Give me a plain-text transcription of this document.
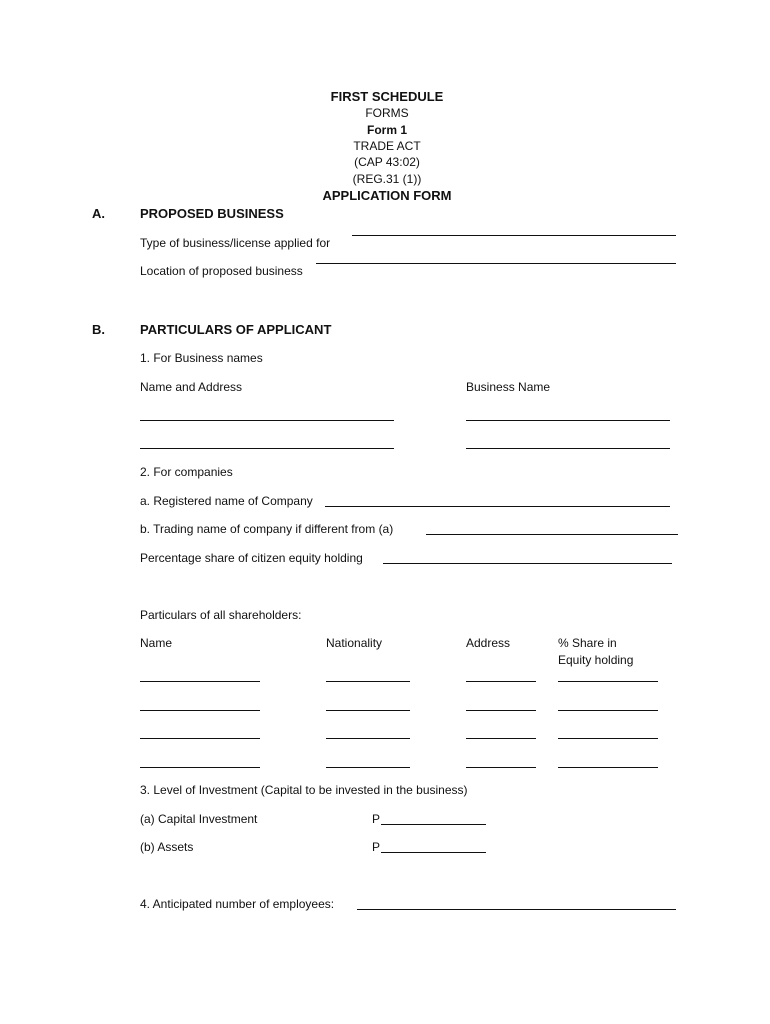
FIRST SCHEDULE
FORMS
Form 1
TRADE ACT
(CAP 43:02)
(REG.31 (1))
APPLICATION FORM
A.	PROPOSED BUSINESS
Type of business/license applied for
Location of proposed business
B.	PARTICULARS OF APPLICANT
1. For Business names
Name and Address	Business Name
2. For companies
a. Registered name of Company
b. Trading name of company if different from (a)
Percentage share of citizen equity holding
Particulars of all shareholders:
Name	Nationality	Address	% Share in
Equity holding
3. Level of Investment (Capital to be invested in the business)
(a) Capital Investment	P
(b) Assets	P
4. Anticipated number of employees:
